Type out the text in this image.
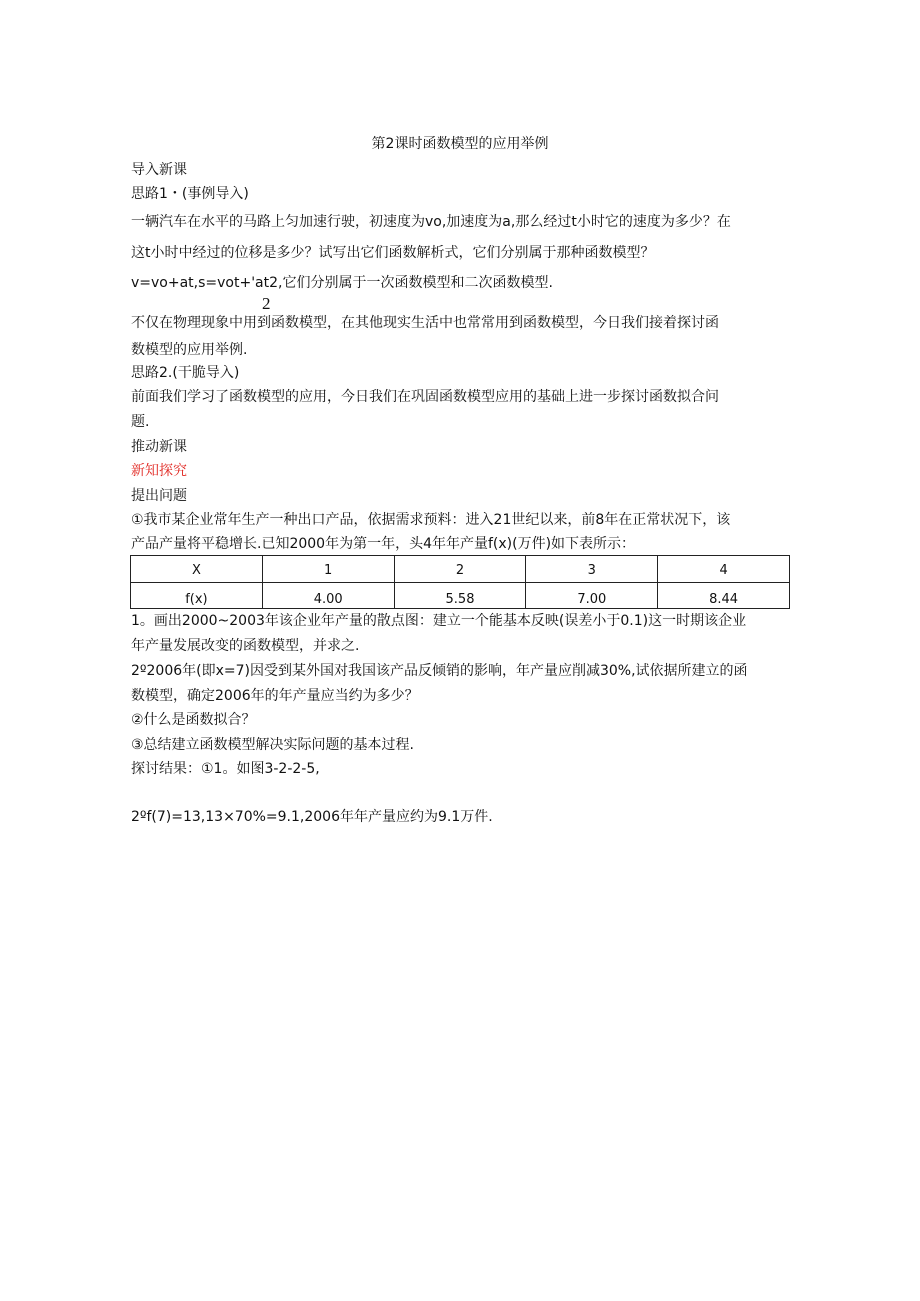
第2课时函数模型的应用举例
导入新课
思路1・(事例导入)
一辆汽车在水平的马路上匀加速行驶，初速度为vo,加速度为a,那么经过t小时它的速度为多少？在
这t小时中经过的位移是多少？试写出它们函数解析式，它们分别属于那种函数模型？
v=vo+at,s=vot+'at2,它们分别属于一次函数模型和二次函数模型.
2
不仅在物理现象中用到函数模型，在其他现实生活中也常常用到函数模型，今日我们接着探讨函
数模型的应用举例.
思路2.(干脆导入)
前面我们学习了函数模型的应用，今日我们在巩固函数模型应用的基础上进一步探讨函数拟合问
题.
推动新课
新知探究
提出问题
①我市某企业常年生产一种出口产品，依据需求预料：进入21世纪以来，前8年在正常状况下，该
产品产量将平稳增长.已知2000年为第一年，头4年年产量f(x)(万件)如下表所示：
X	1	2	3	4
f(x)	4.00	5.58	7.00	8.44
1。画出2000~2003年该企业年产量的散点图：建立一个能基本反映(误差小于0.1)这一时期该企业
年产量发展改变的函数模型，并求之.
2º2006年(即x=7)因受到某外国对我国该产品反倾销的影响，年产量应削减30%,试依据所建立的函
数模型，确定2006年的年产量应当约为多少？
②什么是函数拟合？
③总结建立函数模型解决实际问题的基本过程.
探讨结果：①1。如图3-2-2-5,
2ºf(7)=13,13×70%=9.1,2006年年产量应约为9.1万件.
